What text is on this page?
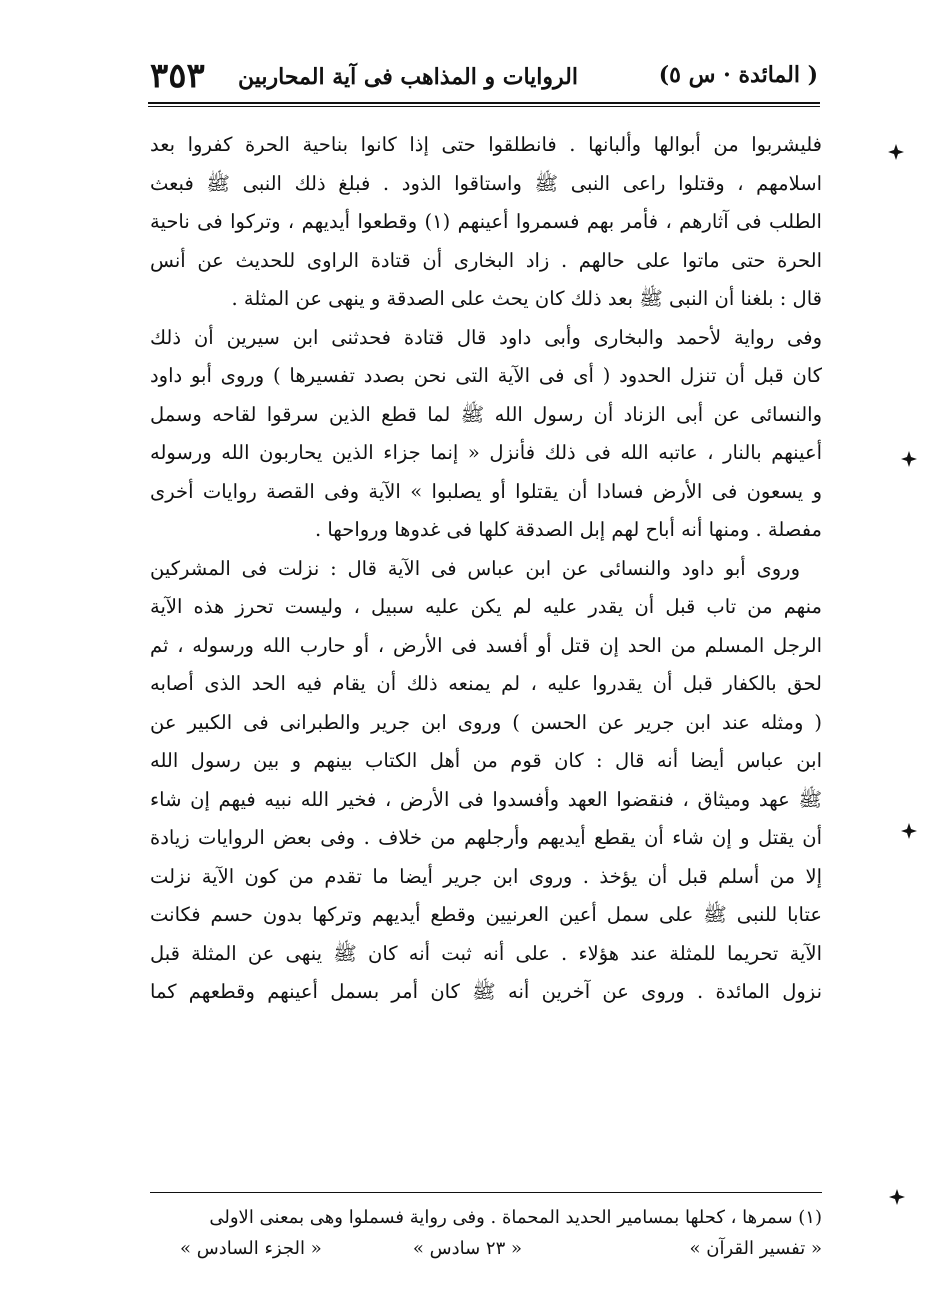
( المائدة · س ٥)
الروايات و المذاهب فى آية المحاربين
٣٥٣
فليشربوا من أبوالها وألبانها . فانطلقوا حتى إذا كانوا بناحية الحرة كفروا بعد
اسلامهم ، وقتلوا راعى النبى ﷺ واستاقوا الذود . فبلغ ذلك النبى ﷺ فبعث
الطلب فى آثارهم ، فأمر بهم فسمروا أعينهم (١) وقطعوا أيديهم ، وتركوا فى ناحية
الحرة حتى ماتوا على حالهم . زاد البخارى أن قتادة الراوى للحديث عن أنس
قال : بلغنا أن النبى ﷺ بعد ذلك كان يحث على الصدقة و ينهى عن المثلة .
وفى رواية لأحمد والبخارى وأبى داود قال قتادة فحدثنى ابن سيرين أن ذلك
كان قبل أن تنزل الحدود ( أى فى الآية التى نحن بصدد تفسيرها ) وروى أبو داود
والنسائى عن أبى الزناد أن رسول الله ﷺ لما قطع الذين سرقوا لقاحه وسمل
أعينهم بالنار ، عاتبه الله فى ذلك فأنزل « إنما جزاء الذين يحاربون الله ورسوله
و يسعون فى الأرض فسادا أن يقتلوا أو يصلبوا » الآية وفى القصة روايات أخرى
مفصلة . ومنها أنه أباح لهم إبل الصدقة كلها فى غدوها ورواحها .
وروى أبو داود والنسائى عن ابن عباس فى الآية قال : نزلت فى المشركين
منهم من تاب قبل أن يقدر عليه لم يكن عليه سبيل ، وليست تحرز هذه الآية
الرجل المسلم من الحد إن قتل أو أفسد فى الأرض ، أو حارب الله ورسوله ، ثم
لحق بالكفار قبل أن يقدروا عليه ، لم يمنعه ذلك أن يقام فيه الحد الذى أصابه
( ومثله عند ابن جرير عن الحسن ) وروى ابن جرير والطبرانى فى الكبير عن
ابن عباس أيضا أنه قال : كان قوم من أهل الكتاب بينهم و بين رسول الله
ﷺ عهد وميثاق ، فنقضوا العهد وأفسدوا فى الأرض ، فخير الله نبيه فيهم إن شاء
أن يقتل و إن شاء أن يقطع أيديهم وأرجلهم من خلاف . وفى بعض الروايات زيادة
إلا من أسلم قبل أن يؤخذ . وروى ابن جرير أيضا ما تقدم من كون الآية نزلت
عتابا للنبى ﷺ على سمل أعين العرنيين وقطع أيديهم وتركها بدون حسم فكانت
الآية تحريما للمثلة عند هؤلاء . على أنه ثبت أنه كان ﷺ ينهى عن المثلة قبل
نزول المائدة . وروى عن آخرين أنه ﷺ كان أمر بسمل أعينهم وقطعهم كما
(١) سمرها ، كحلها بمسامير الحديد المحماة . وفى رواية فسملوا وهى بمعنى الاولى
« تفسير القرآن »
« ٢٣ سادس »
« الجزء السادس »
